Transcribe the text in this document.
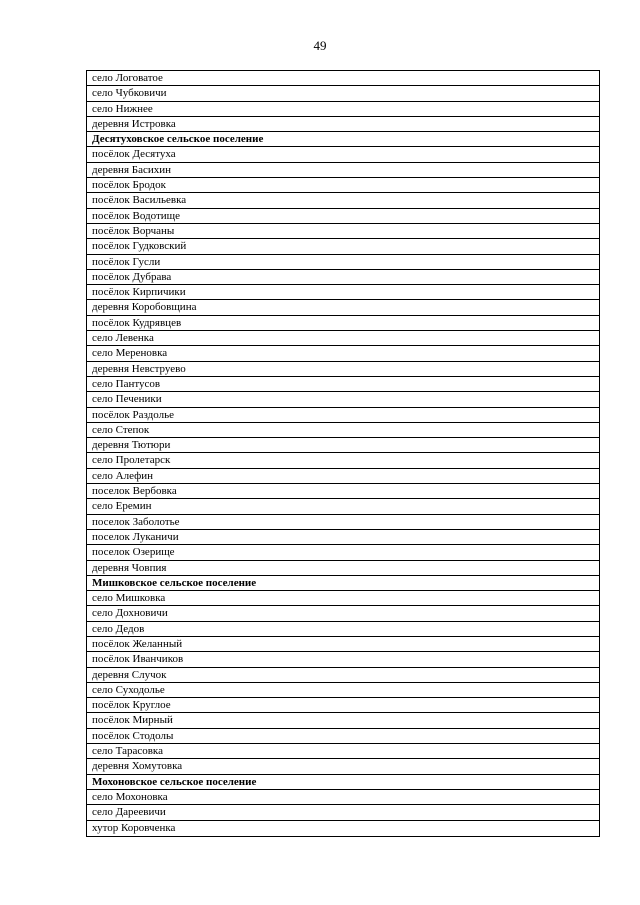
49
село Логоватое
село Чубковичи
село Нижнее
деревня Истровка
Десятуховское сельское поселение
посёлок Десятуха
деревня Басихин
посёлок Бродок
посёлок Васильевка
посёлок Водотище
посёлок Ворчаны
посёлок Гудковский
посёлок Гусли
посёлок Дубрава
посёлок Кирпичики
деревня Коробовщина
посёлок Кудрявцев
село Левенка
село Мереновка
деревня Невструево
село Пантусов
село Печеники
посёлок Раздолье
село Степок
деревня Тютюри
село Пролетарск
село Алефин
поселок Вербовка
село Еремин
поселок Заболотье
поселок Луканичи
поселок Озерище
деревня Човпия
Мишковское сельское поселение
село Мишковка
село Дохновичи
село Дедов
посёлок Желанный
посёлок Иванчиков
деревня Случок
село Суходолье
посёлок Круглое
посёлок Мирный
посёлок Стодолы
село Тарасовка
деревня Хомутовка
Мохоновское сельское поселение
село Мохоновка
село Дареевичи
хутор Коровченка
